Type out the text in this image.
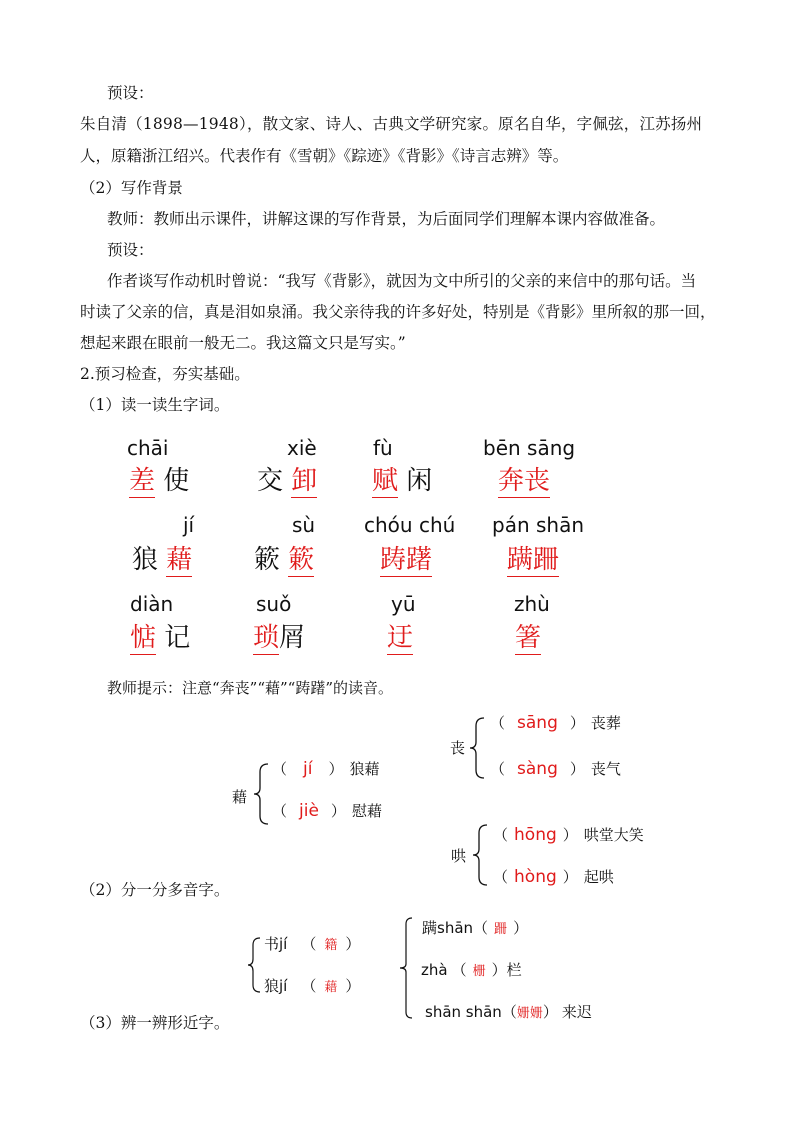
预设：
朱自清（1898—1948），散文家、诗人、古典文学研究家。原名自华，字佩弦，江苏扬州
人，原籍浙江绍兴。代表作有《雪朝》《踪迹》《背影》《诗言志辨》等。
（2）写作背景
教师：教师出示课件，讲解这课的写作背景，为后面同学们理解本课内容做准备。
预设：
作者谈写作动机时曾说：“我写《背影》，就因为文中所引的父亲的来信中的那句话。当
时读了父亲的信，真是泪如泉涌。我父亲待我的许多好处，特别是《背影》里所叙的那一回，
想起来跟在眼前一般无二。我这篇文只是写实。”
2.预习检查，夯实基础。
（1）读一读生字词。
chāi
差 使
xiè
交 卸
fù
赋 闲
bēn sāng
奔丧
jí
狼 藉
sù
簌 簌
chóu chú
踌躇
pán shān
蹒跚
diàn
惦 记
suǒ
琐屑
yū
迂
zhù
箸
教师提示：注意“奔丧”“藉”“踌躇”的读音。
丧
（ sāng ） 丧葬
（ sàng ） 丧气
藉
（ jí ） 狼藉
（ jiè ） 慰藉
哄
（ hōng ） 哄堂大笑
（ hòng ） 起哄
（2）分一分多音字。
书jí （ 籍 ）
狼jí （ 藉 ）
蹒shān（ 跚 ）
zhà （ 栅 ）栏
shān shān（姗姗） 来迟
（3）辨一辨形近字。
